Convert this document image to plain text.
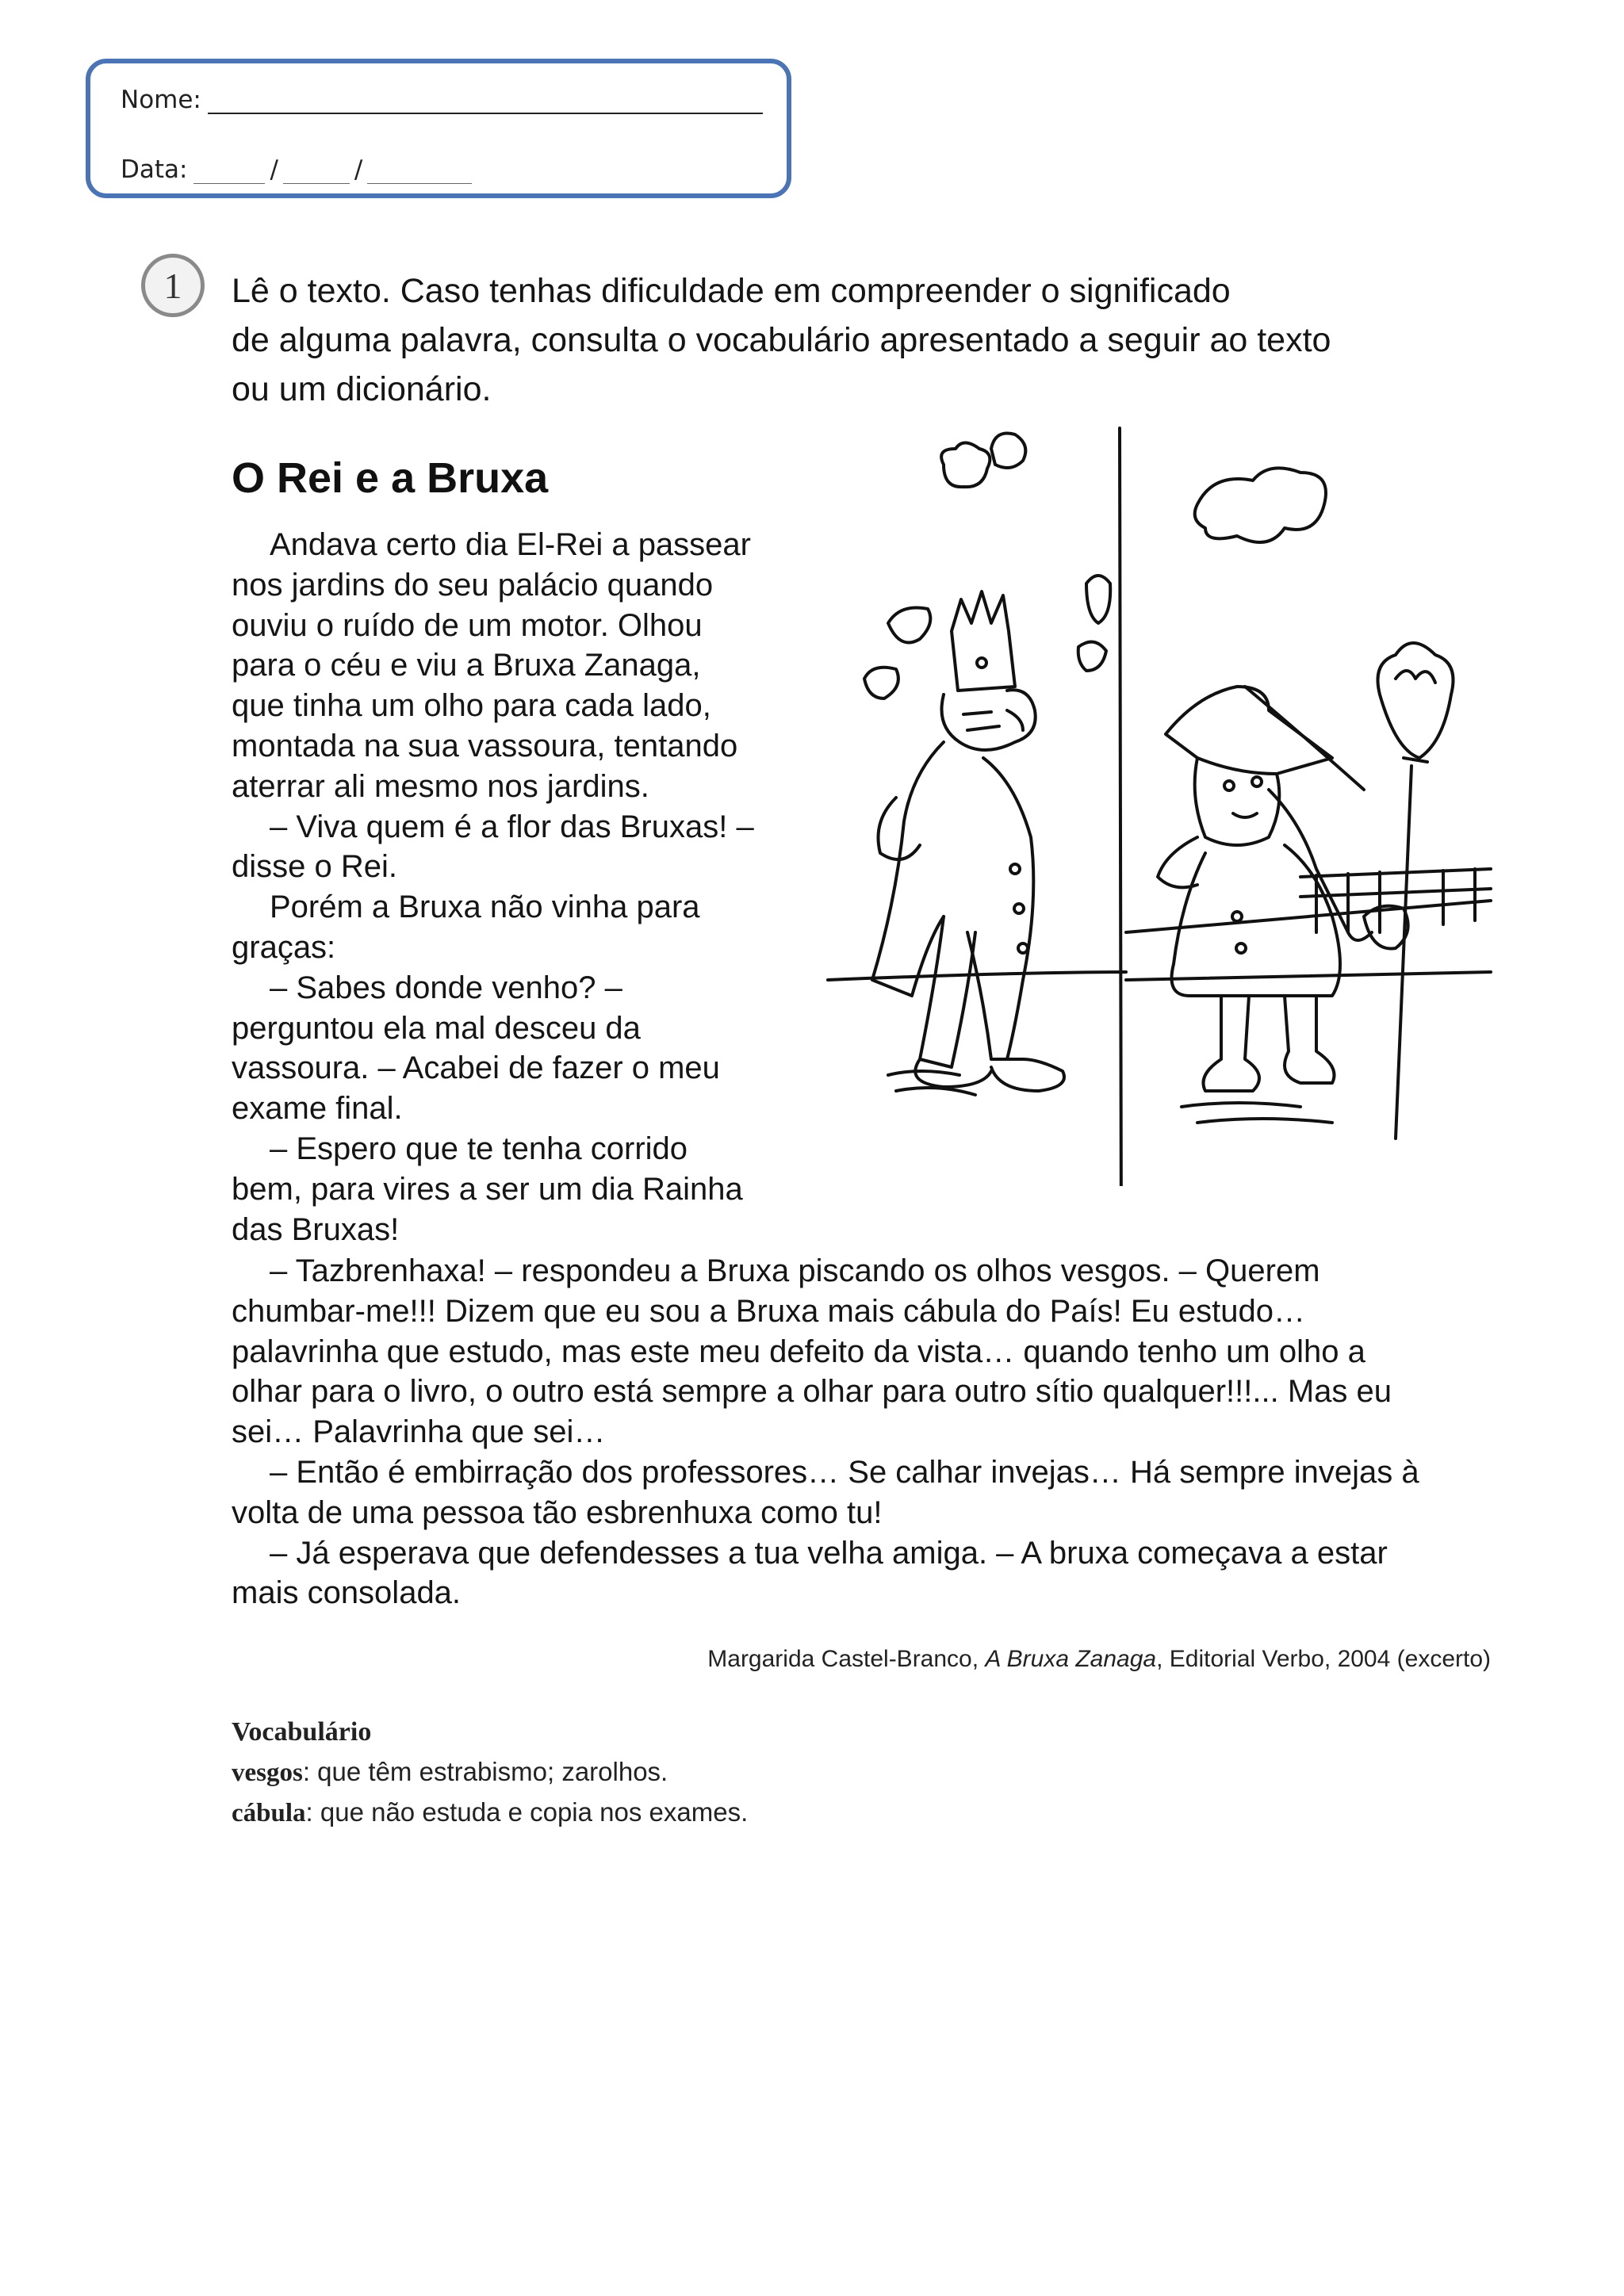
Nome:
Data:	/	/
1	Lê o texto. Caso tenhas dificuldade em compreender o significado
de alguma palavra, consulta o vocabulário apresentado a seguir ao texto
ou um dicionário.
O Rei e a Bruxa

Andava certo dia El-Rei a passear

nos jardins do seu palácio quando

ouviu o ruído de um motor. Olhou

para o céu e viu a Bruxa Zanaga,

que tinha um olho para cada lado,

montada na sua vassoura, tentando

aterrar ali mesmo nos jardins.

– Viva quem é a flor das Bruxas! –

disse o Rei.

Porém a Bruxa não vinha para

graças:

– Sabes donde venho? –

perguntou ela mal desceu da

vassoura. – Acabei de fazer o meu

exame final.

– Espero que te tenha corrido

bem, para vires a ser um dia Rainha

das Bruxas!

– Tazbrenhaxa! – respondeu a Bruxa piscando os olhos vesgos. – Querem

chumbar-me!!! Dizem que eu sou a Bruxa mais cábula do País! Eu estudo…

palavrinha que estudo, mas este meu defeito da vista… quando tenho um olho a

olhar para o livro, o outro está sempre a olhar para outro sítio qualquer!!!... Mas eu

sei… Palavrinha que sei…

– Então é embirração dos professores… Se calhar invejas… Há sempre invejas à

volta de uma pessoa tão esbrenhuxa como tu!

– Já esperava que defendesses a tua velha amiga. – A bruxa começava a estar

mais consolada.

Margarida Castel-Branco, A Bruxa Zanaga, Editorial Verbo, 2004 (excerto)
Vocabulário
vesgos: que têm estrabismo; zarolhos.
cábula: que não estuda e copia nos exames.
